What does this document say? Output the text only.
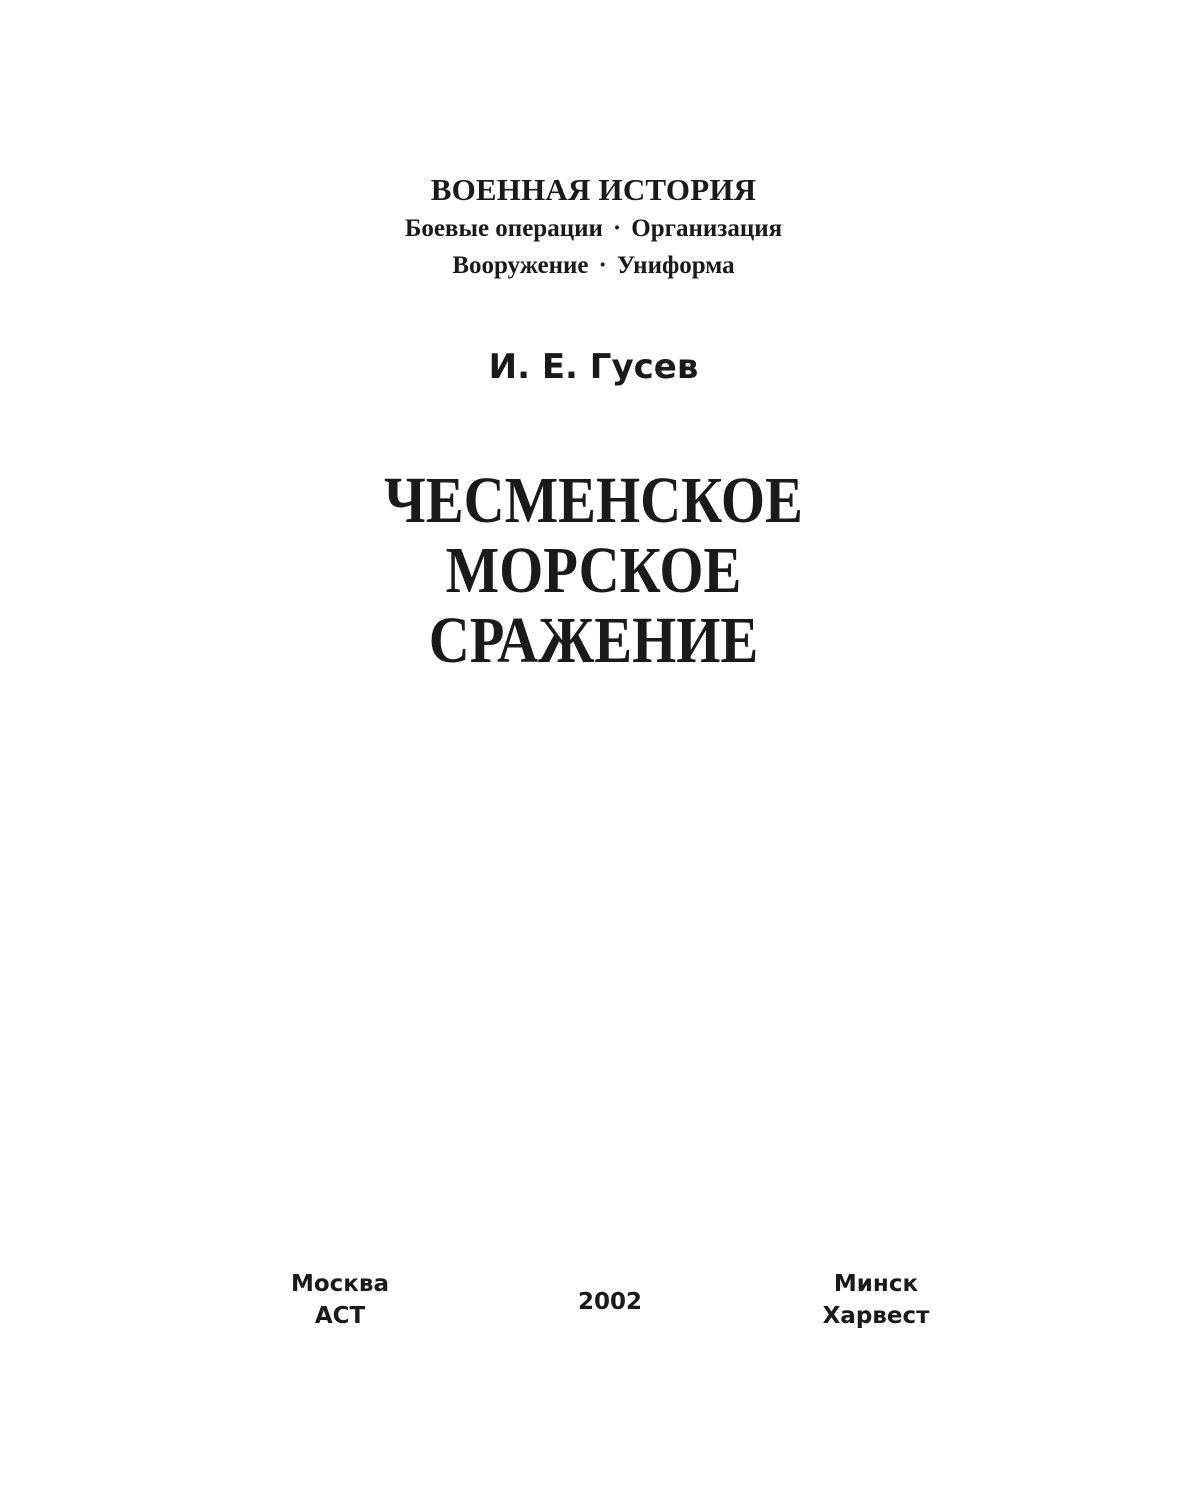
ВОЕННАЯ ИСТОРИЯ
Боевые операции · Организация
Вооружение · Униформа
И. Е. Гусев
ЧЕСМЕНСКОЕ
МОРСКОЕ
СРАЖЕНИЕ
Москва
АСТ
2002
Минск
Харвест
